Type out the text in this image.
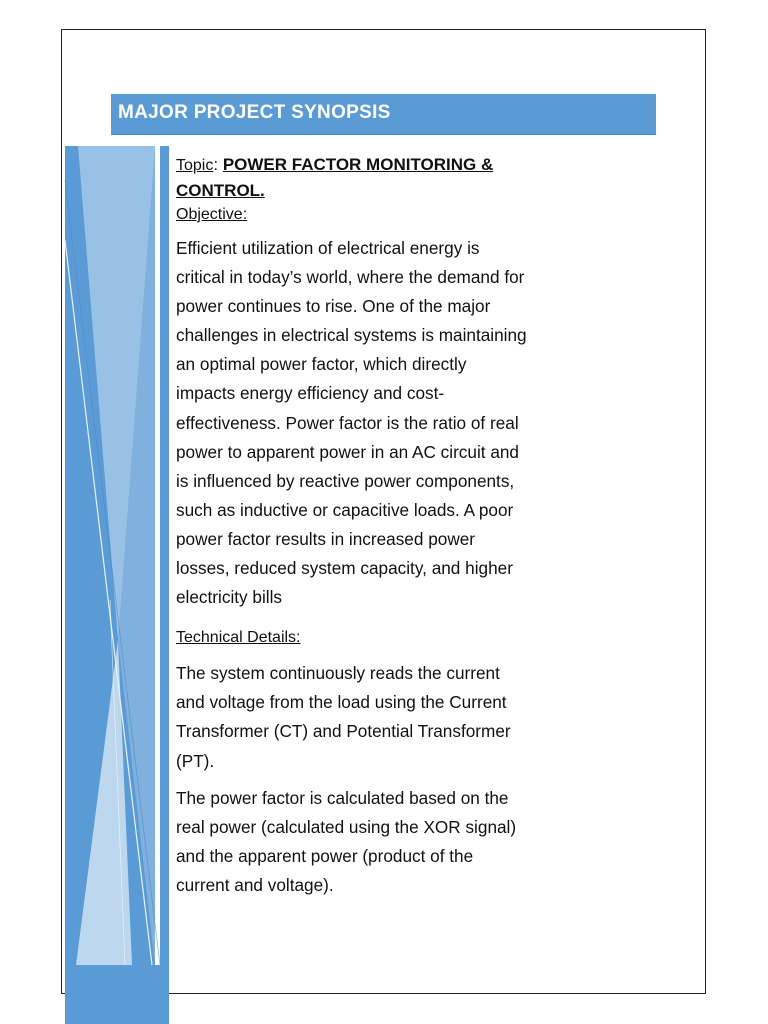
MAJOR PROJECT SYNOPSIS
Topic: POWER FACTOR MONITORING & CONTROL.
Objective:

Efficient utilization of electrical energy is critical in today’s world, where the demand for power continues to rise. One of the major challenges in electrical systems is maintaining an optimal power factor, which directly impacts energy efficiency and cost- effectiveness. Power factor is the ratio of real power to apparent power in an AC circuit and is influenced by reactive power components, such as inductive or capacitive loads. A poor power factor results in increased power losses, reduced system capacity, and higher electricity bills

Technical Details:

The system continuously reads the current and voltage from the load using the Current Transformer (CT) and Potential Transformer (PT).

The power factor is calculated based on the real power (calculated using the XOR signal) and the apparent power (product of the current and voltage).
